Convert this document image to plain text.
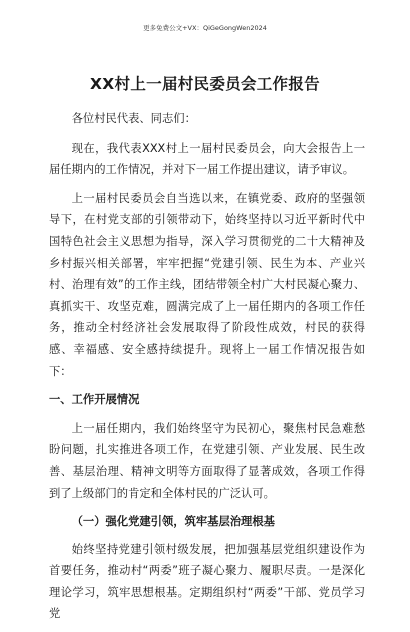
更多免费公文+VX：QiGeGongWen2024
XX村上一届村民委员会工作报告

各位村民代表、同志们：

现在，我代表XXX村上一届村民委员会，向大会报告上一届任期内的工作情况，并对下一届工作提出建议，请予审议。

上一届村民委员会自当选以来，在镇党委、政府的坚强领导下，在村党支部的引领带动下，始终坚持以习近平新时代中国特色社会主义思想为指导，深入学习贯彻党的二十大精神及乡村振兴相关部署，牢牢把握“党建引领、民生为本、产业兴村、治理有效”的工作主线，团结带领全村广大村民凝心聚力、真抓实干、攻坚克难，圆满完成了上一届任期内的各项工作任务，推动全村经济社会发展取得了阶段性成效，村民的获得感、幸福感、安全感持续提升。现将上一届工作情况报告如下：

一、工作开展情况

上一届任期内，我们始终坚守为民初心，聚焦村民急难愁盼问题，扎实推进各项工作，在党建引领、产业发展、民生改善、基层治理、精神文明等方面取得了显著成效，各项工作得到了上级部门的肯定和全体村民的广泛认可。

（一）强化党建引领，筑牢基层治理根基

始终坚持党建引领村级发展，把加强基层党组织建设作为首要任务，推动村“两委”班子凝心聚力、履职尽责。一是深化理论学习，筑牢思想根基。定期组织村“两委”干部、党员学习党
